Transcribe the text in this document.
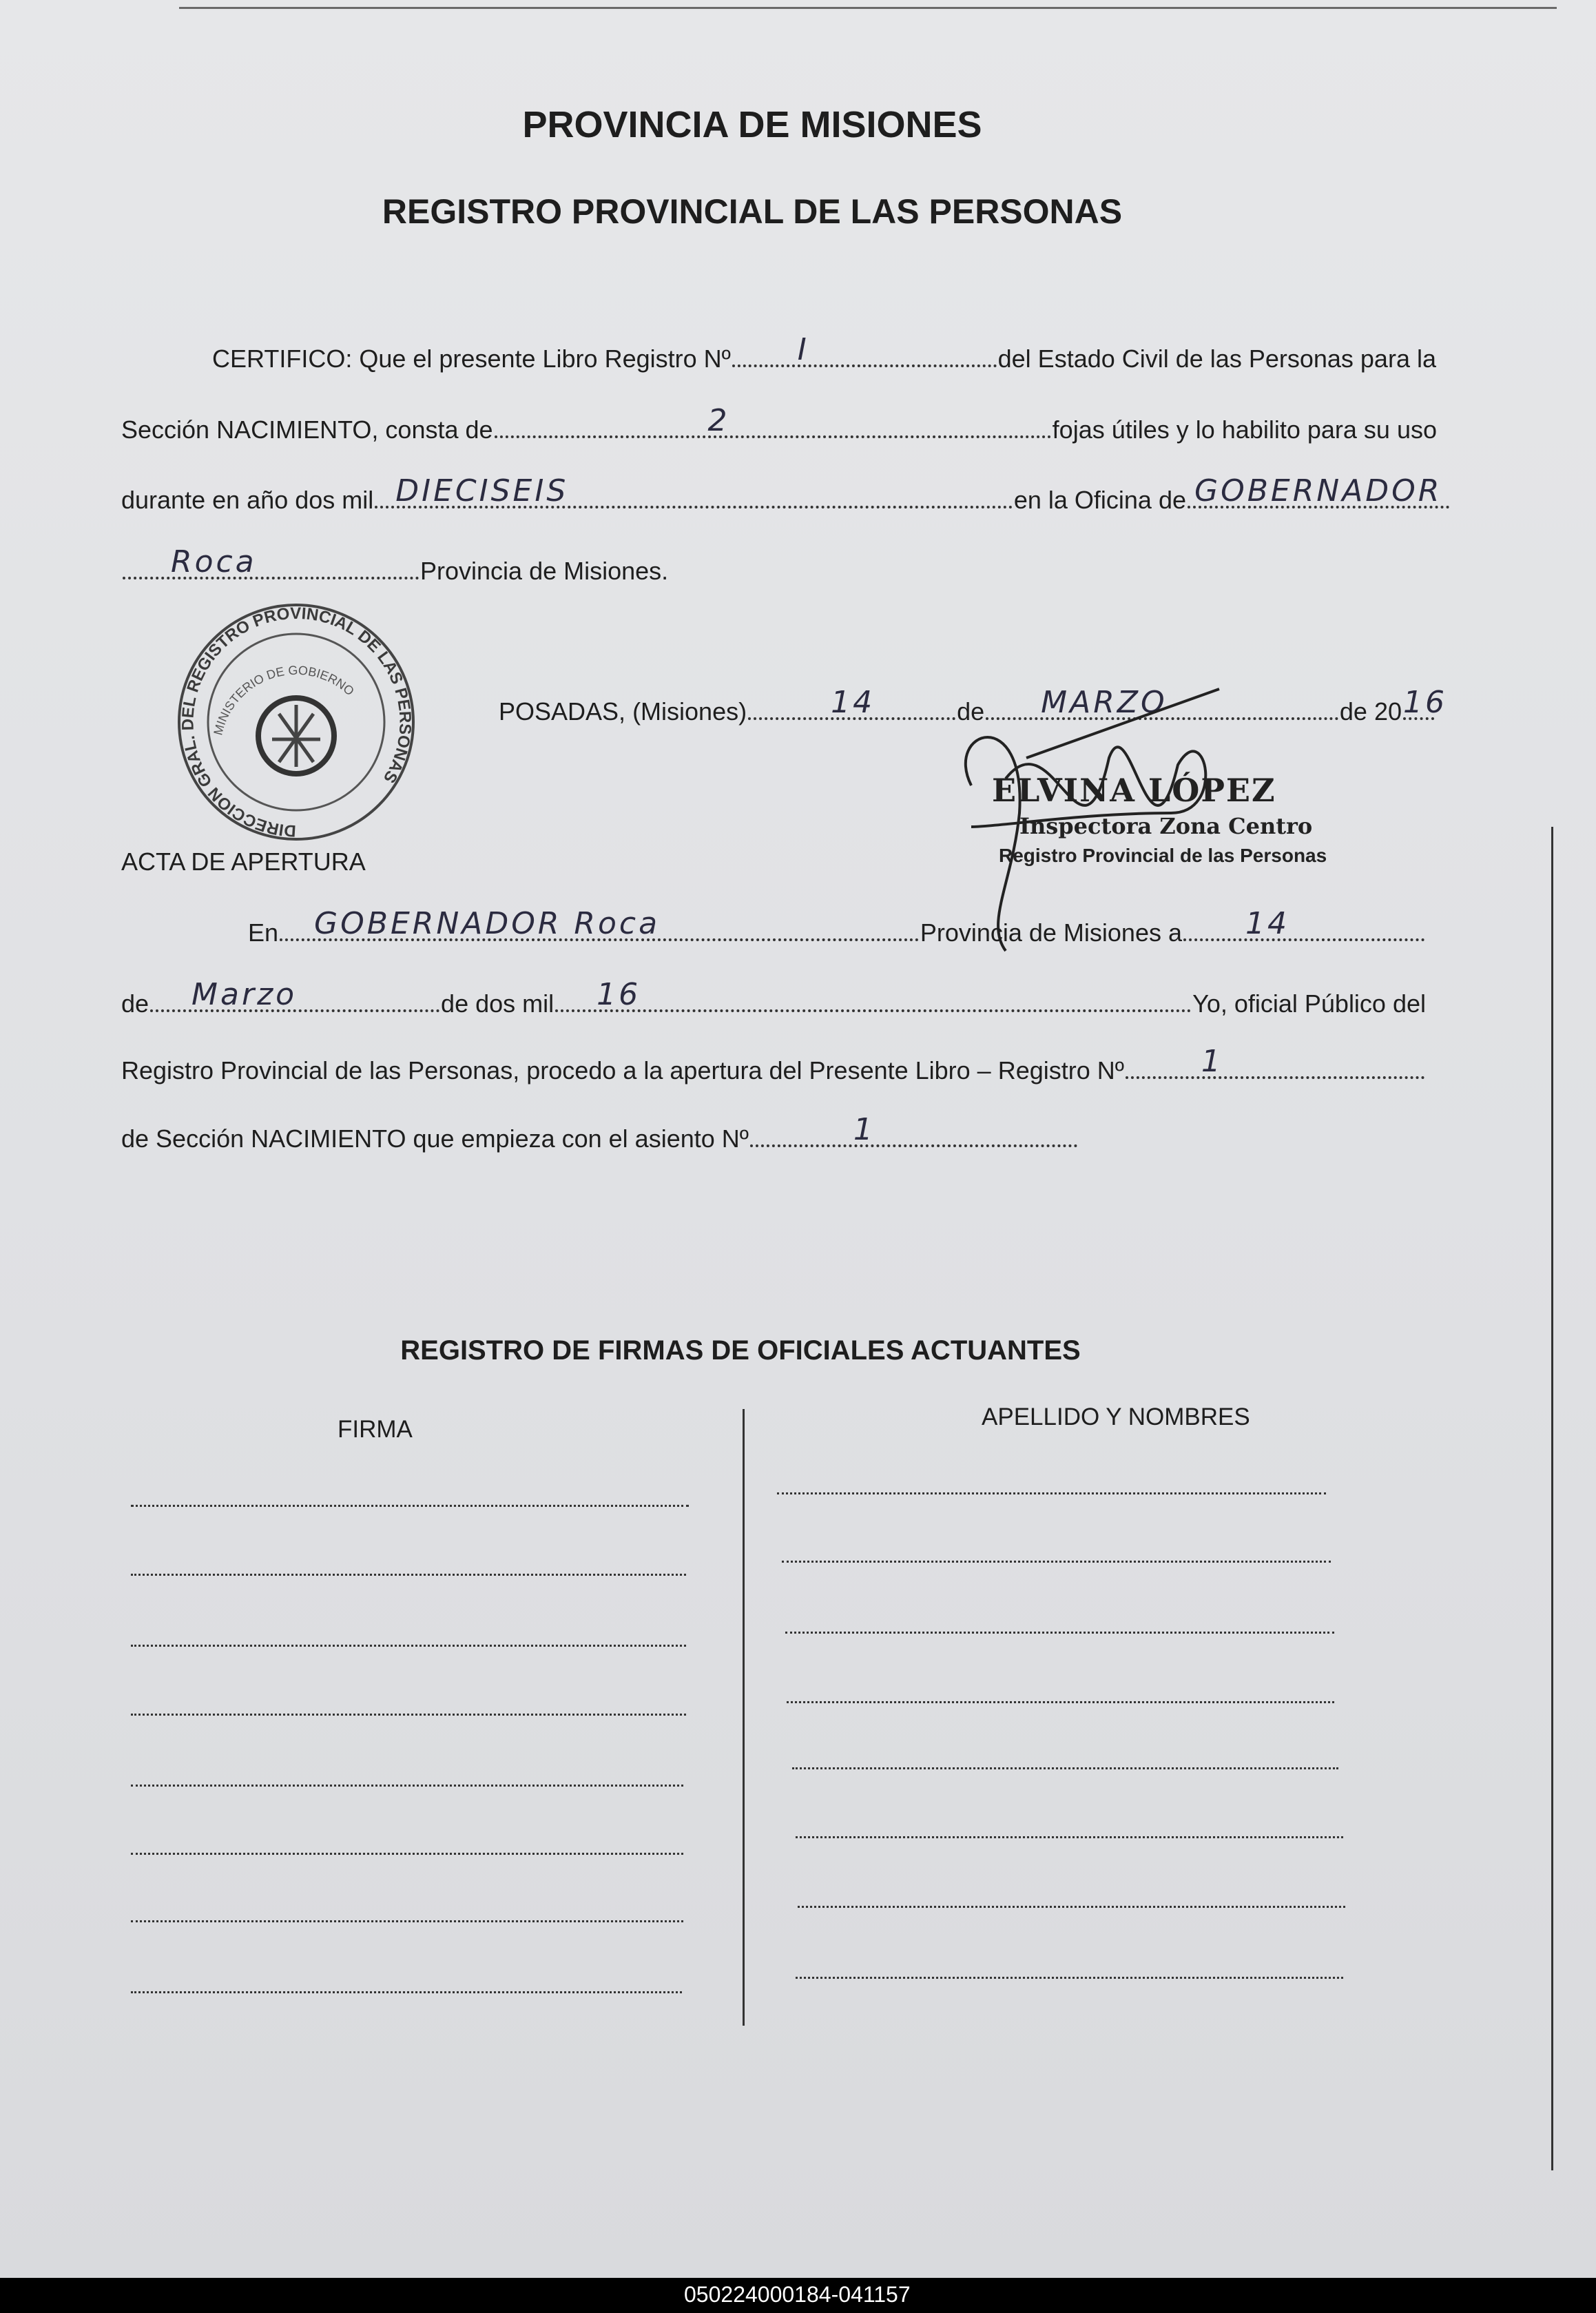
PROVINCIA DE MISIONES
REGISTRO PROVINCIAL DE LAS PERSONAS
CERTIFICO: Que el presente Libro Registro Nº I	del Estado Civil de las Personas para la
Sección NACIMIENTO, consta de	2	fojas útiles y lo habilito para su uso
durante en año dos mil DIECISEIS	en la Oficina de GOBERNADOR
Roca	Provincia de Misiones.
POSADAS, (Misiones)	14	de MARZO	de 20 16
DIRECCION GRAL. DEL REGISTRO PROVINCIAL DE LAS PERSONAS
MINISTERIO DE GOBIERNO
ELVINA LÓPEZ
Inspectora Zona Centro
Registro Provincial de las Personas
ACTA DE APERTURA
En GOBERNADOR Roca	Provincia de Misiones a 14
de Marzo	de dos mil 16	Yo, oficial Público del
Registro Provincial de las Personas, procedo a la apertura del Presente Libro – Registro Nº	1
de Sección NACIMIENTO que empieza con el asiento Nº	1
REGISTRO DE FIRMAS DE OFICIALES ACTUANTES
FIRMA	APELLIDO Y NOMBRES
050224000184-041157
